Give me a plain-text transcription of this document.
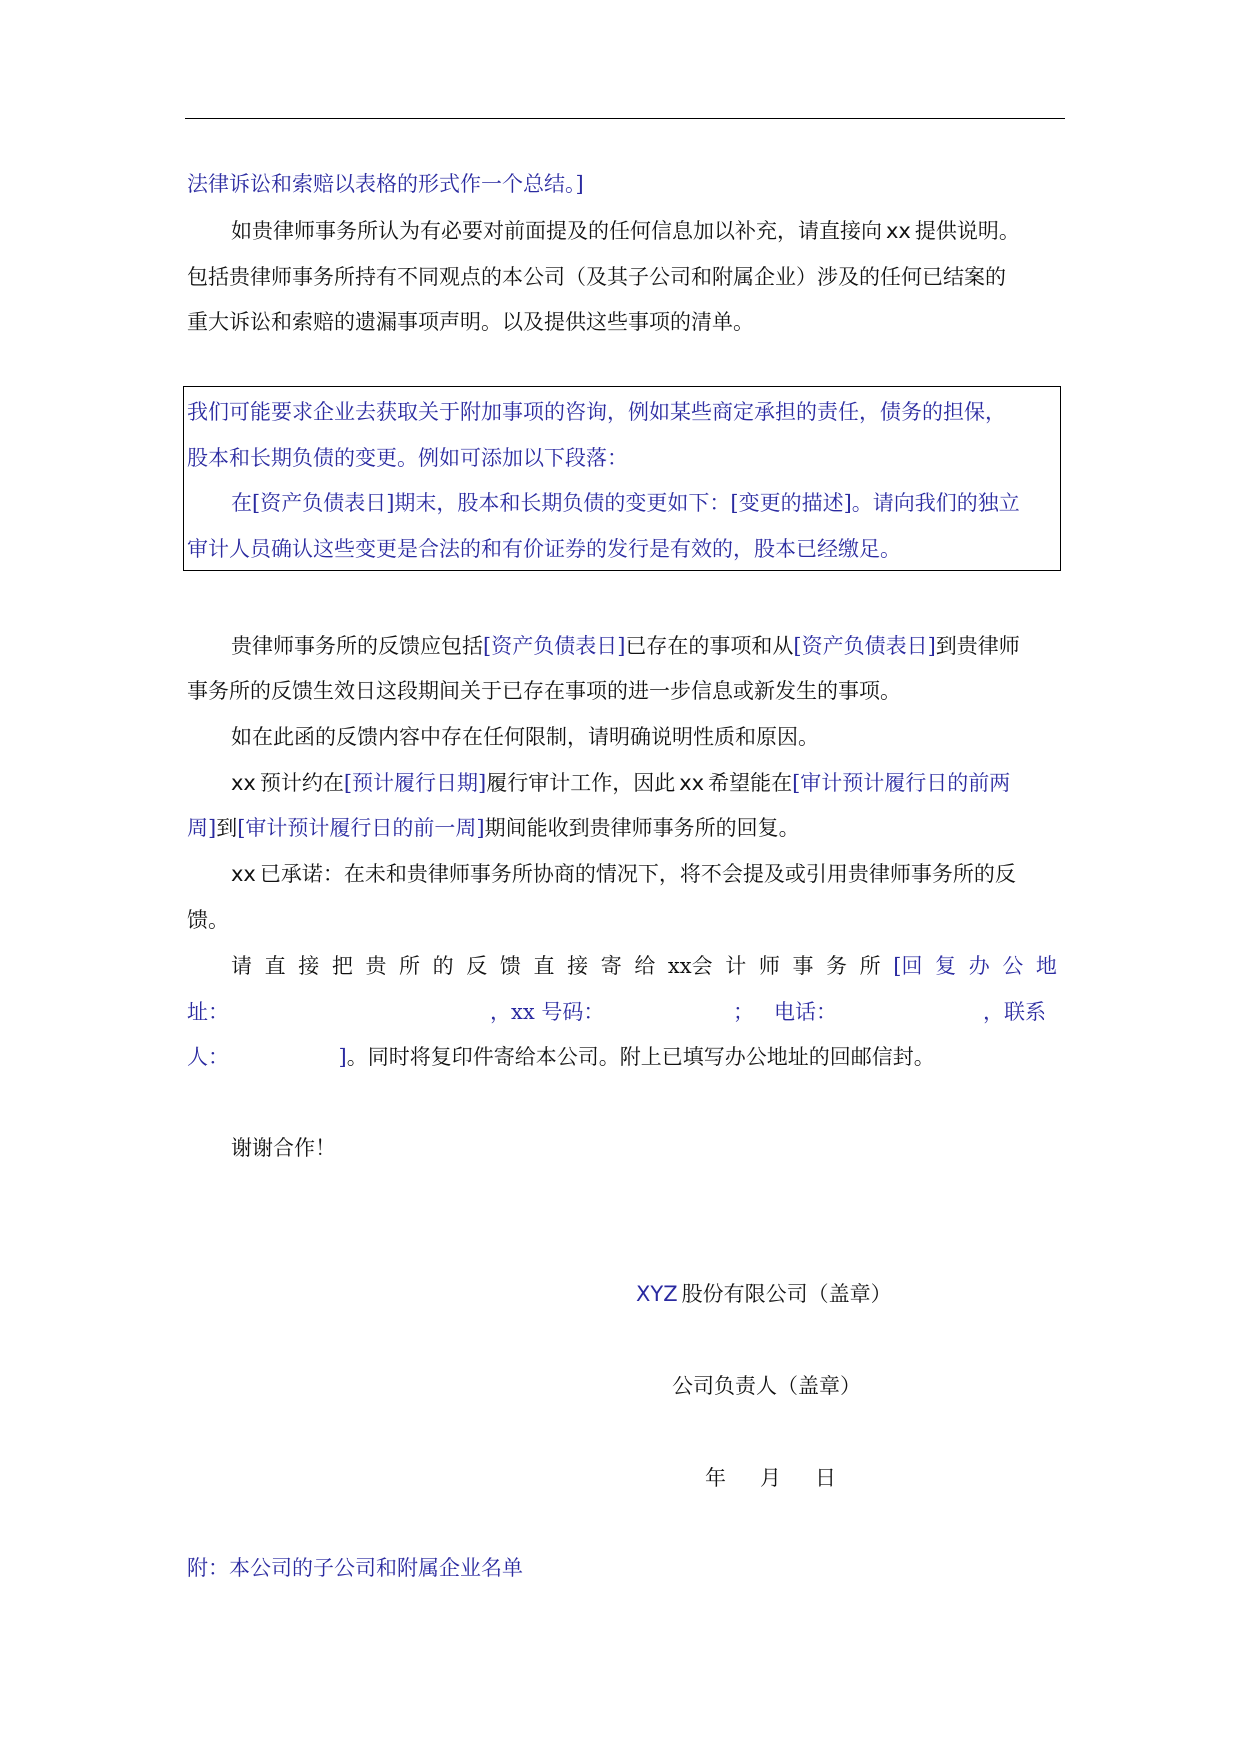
法律诉讼和索赔以表格的形式作一个总结。]
如贵律师事务所认为有必要对前面提及的任何信息加以补充，请直接向 xx 提供说明。
包括贵律师事务所持有不同观点的本公司（及其子公司和附属企业）涉及的任何已结案的
重大诉讼和索赔的遗漏事项声明。以及提供这些事项的清单。
我们可能要求企业去获取关于附加事项的咨询，例如某些商定承担的责任，债务的担保，
股本和长期负债的变更。例如可添加以下段落：
在[资产负债表日]期末，股本和长期负债的变更如下：[变更的描述]。请向我们的独立
审计人员确认这些变更是合法的和有价证券的发行是有效的，股本已经缴足。
贵律师事务所的反馈应包括[资产负债表日]已存在的事项和从[资产负债表日]到贵律师
事务所的反馈生效日这段期间关于已存在事项的进一步信息或新发生的事项。
如在此函的反馈内容中存在任何限制，请明确说明性质和原因。
xx 预计约在[预计履行日期]履行审计工作，因此 xx 希望能在[审计预计履行日的前两
周]到[审计预计履行日的前一周]期间能收到贵律师事务所的回复。
xx 已承诺：在未和贵律师事务所协商的情况下，将不会提及或引用贵律师事务所的反
馈。
请 直 接 把 贵 所 的 反 馈 直 接 寄 给 xx会 计 师 事 务 所 [回 复 办 公 地
址：	，xx 号码：	； 电话：	，联系
人：	]。同时将复印件寄给本公司。附上已填写办公地址的回邮信封。
谢谢合作！
XYZ 股份有限公司（盖章）
公司负责人（盖章）
年 月 日
附：本公司的子公司和附属企业名单
